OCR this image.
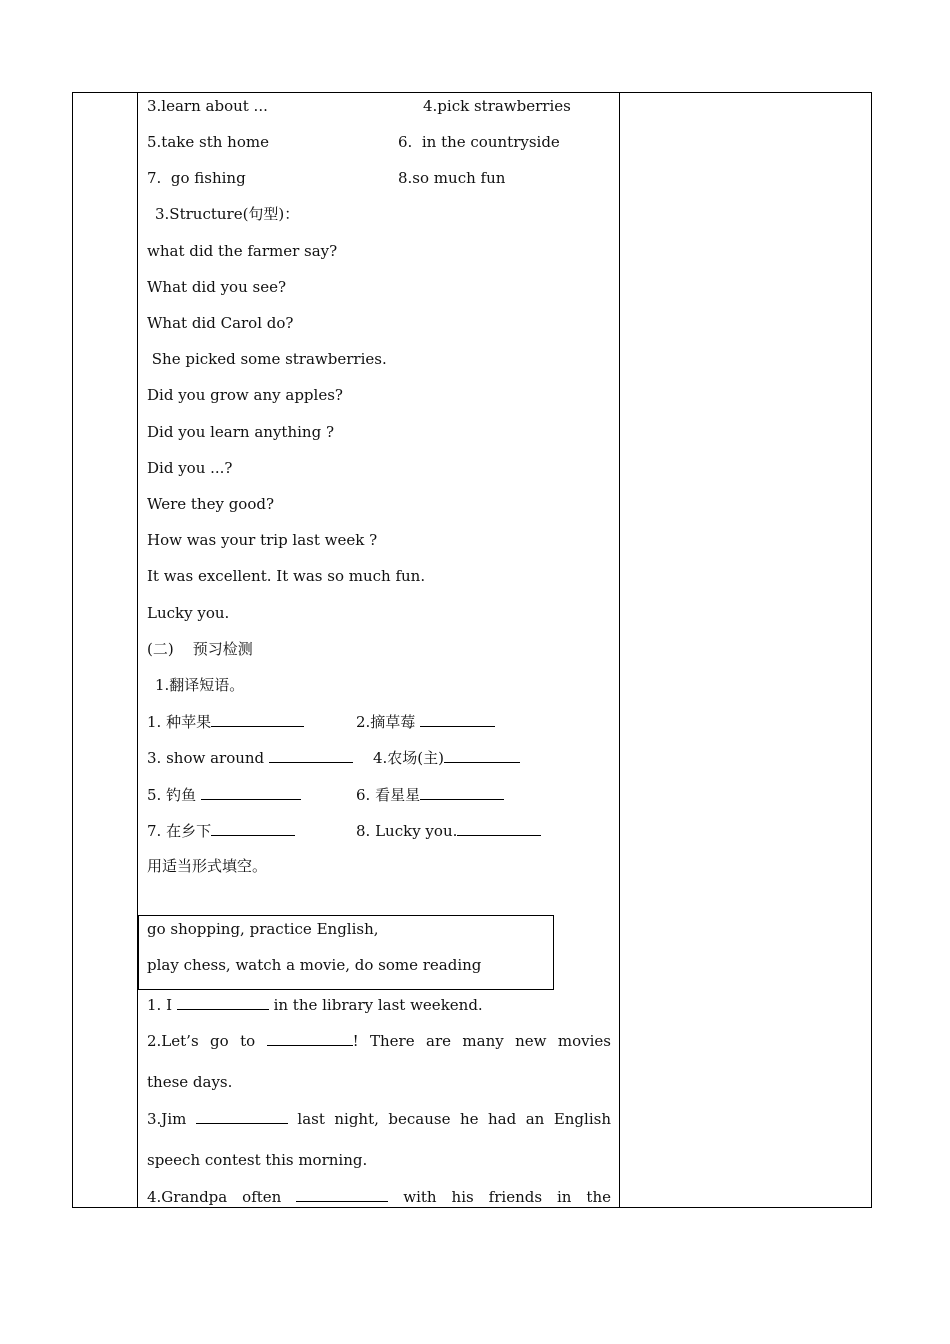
3.learn about ...	4.pick strawberries
5.take sth home	6.  in the countryside
7.  go fishing	8.so much fun
3.Structure(句型)：
what did the farmer say?
What did you see?
What did Carol do?
She picked some strawberries.
Did you grow any apples?
Did you learn anything ?
Did you ...?
Were they good?
How was your trip last week ?
It was excellent. It was so much fun.
Lucky you.
(二)    预习检测
1.翻译短语。
1. 种苹果	2.摘草莓
3. show around	4.农场(主)
5. 钓鱼	6. 看星星
7. 在乡下	8. Lucky you.
用适当形式填空。
go shopping, practice English,
play chess, watch a movie, do some reading
1. I	in the library last weekend.
2.Let’s go to	! There are many new movies
these days.
3.Jim	last night, because he had an English
speech contest this morning.
4.Grandpa often	with his friends in the
